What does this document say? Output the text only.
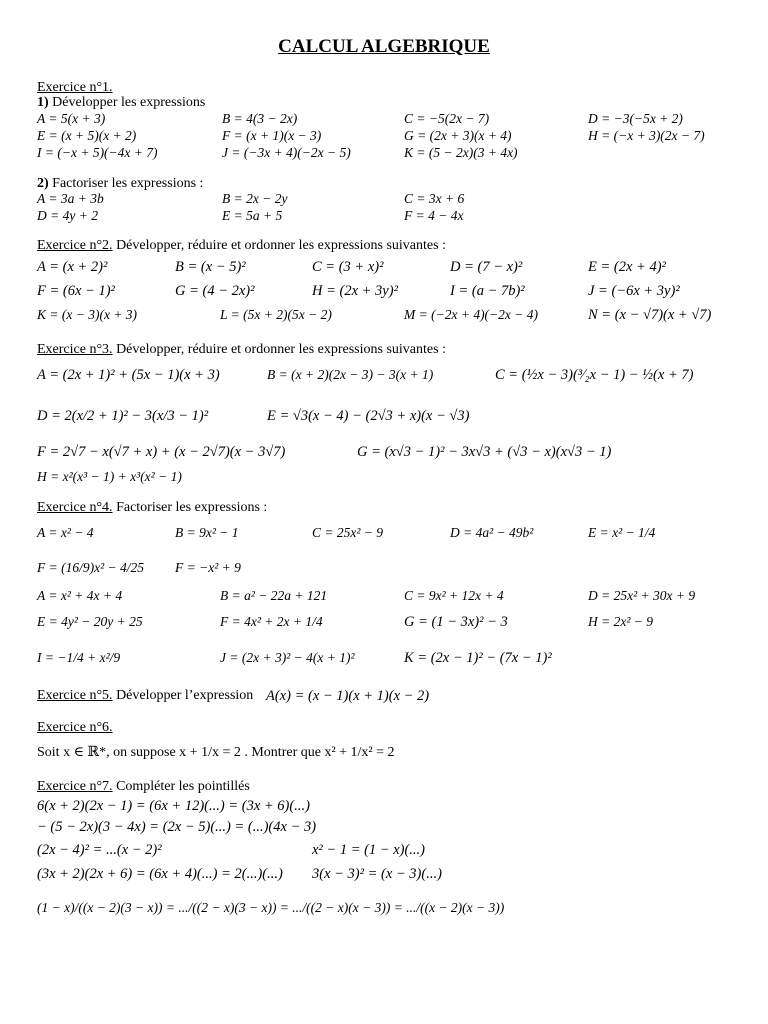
CALCUL ALGEBRIQUE
Exercice n°1.
1) Développer les expressions
A = 5(x + 3)	B = 4(3 − 2x)	C = −5(2x − 7)	D = −3(−5x + 2)
E = (x + 5)(x + 2)	F = (x + 1)(x − 3)	G = (2x + 3)(x + 4)	H = (−x + 3)(2x − 7)
I = (−x + 5)(−4x + 7)	J = (−3x + 4)(−2x − 5)	K = (5 − 2x)(3 + 4x)
2) Factoriser les expressions :
A = 3a + 3b	B = 2x − 2y	C = 3x + 6
D = 4y + 2	E = 5a + 5	F = 4 − 4x
Exercice n°2. Développer, réduire et ordonner les expressions suivantes :
A = (x + 2)²	B = (x − 5)²	C = (3 + x)²	D = (7 − x)²	E = (2x + 4)²
F = (6x − 1)²	G = (4 − 2x)²	H = (2x + 3y)²	I = (a − 7b)²	J = (−6x + 3y)²
K = (x − 3)(x + 3)	L = (5x + 2)(5x − 2)	M = (−2x + 4)(−2x − 4)	N = (x − √7)(x + √7)
Exercice n°3. Développer, réduire et ordonner les expressions suivantes :
A = (2x + 1)² + (5x − 1)(x + 3)	B = (x + 2)(2x − 3) − 3(x + 1)	C = (½x − 3)(³⁄₂x − 1) − ½(x + 7)
D = 2(x/2 + 1)² − 3(x/3 − 1)²	E = √3(x − 4) − (2√3 + x)(x − √3)
F = 2√7 − x(√7 + x) + (x − 2√7)(x − 3√7)	G = (x√3 − 1)² − 3x√3 + (√3 − x)(x√3 − 1)
H = x²(x³ − 1) + x³(x² − 1)
Exercice n°4. Factoriser les expressions :
A = x² − 4	B = 9x² − 1	C = 25x² − 9	D = 4a² − 49b²	E = x² − 1/4
F = (16/9)x² − 4/25 F = −x² + 9
A = x² + 4x + 4	B = a² − 22a + 121	C = 9x² + 12x + 4	D = 25x² + 30x + 9
E = 4y² − 20y + 25	F = 4x² + 2x + 1/4	G = (1 − 3x)² − 3	H = 2x² − 9
I = −1/4 + x²/9	J = (2x + 3)² − 4(x + 1)²	K = (2x − 1)² − (7x − 1)²
Exercice n°5. Développer l’expression A(x) = (x − 1)(x + 1)(x − 2)
Exercice n°6.
Soit x ∈ ℝ*, on suppose x + 1/x = 2 . Montrer que x² + 1/x² = 2
Exercice n°7. Compléter les pointillés
6(x + 2)(2x − 1) = (6x + 12)(...) = (3x + 6)(...)
− (5 − 2x)(3 − 4x) = (2x − 5)(...) = (...)(4x − 3)
(2x − 4)² = ...(x − 2)²	x² − 1 = (1 − x)(...)
(3x + 2)(2x + 6) = (6x + 4)(...) = 2(...)(...) 3(x − 3)² = (x − 3)(...)
(1 − x)/((x − 2)(3 − x)) = .../((2 − x)(3 − x)) = .../((2 − x)(x − 3)) = .../((x − 2)(x − 3))
